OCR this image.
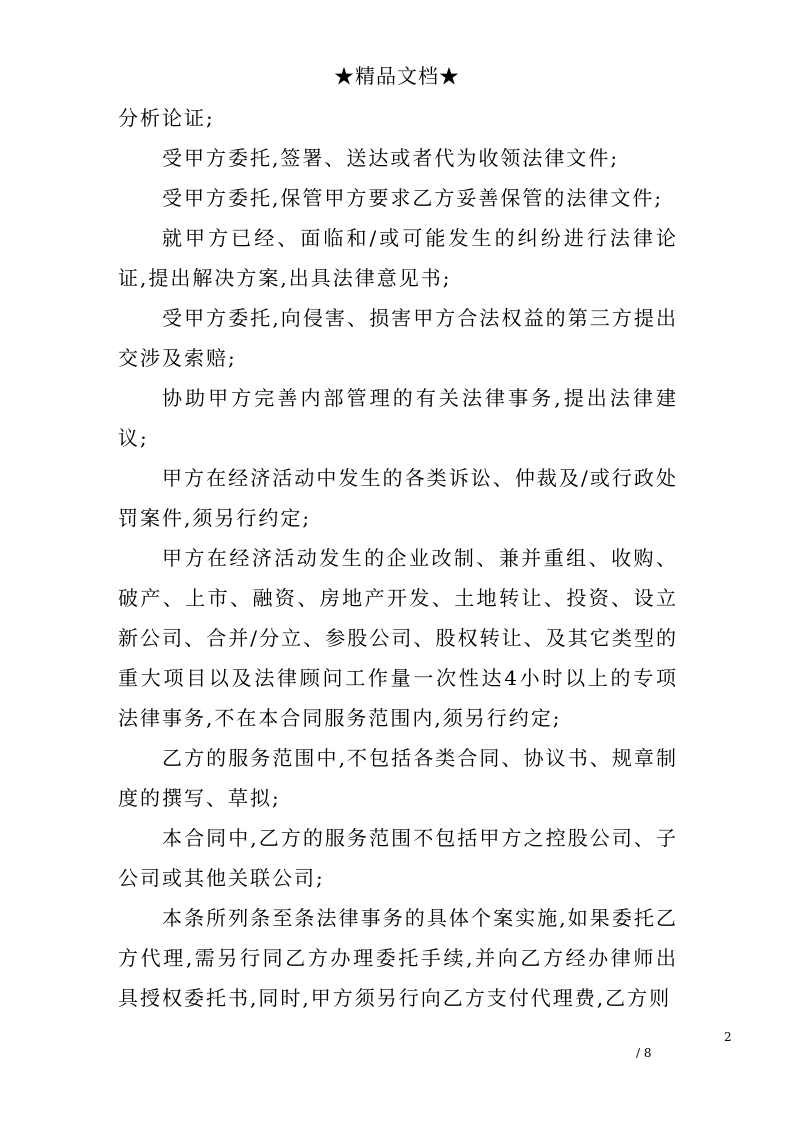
★精品文档★

分析论证;

受甲方委托,签署、送达或者代为收领法律文件;

受甲方委托,保管甲方要求乙方妥善保管的法律文件;

就甲方已经、面临和/或可能发生的纠纷进行法律论证,提出解决方案,出具法律意见书;

受甲方委托,向侵害、损害甲方合法权益的第三方提出交涉及索赔;

协助甲方完善内部管理的有关法律事务,提出法律建议;

甲方在经济活动中发生的各类诉讼、仲裁及/或行政处罚案件,须另行约定;

甲方在经济活动发生的企业改制、兼并重组、收购、破产、上市、融资、房地产开发、土地转让、投资、设立新公司、合并/分立、参股公司、股权转让、及其它类型的重大项目以及法律顾问工作量一次性达4小时以上的专项法律事务,不在本合同服务范围内,须另行约定;

乙方的服务范围中,不包括各类合同、协议书、规章制度的撰写、草拟;

本合同中,乙方的服务范围不包括甲方之控股公司、子公司或其他关联公司;

本条所列条至条法律事务的具体个案实施,如果委托乙方代理,需另行同乙方办理委托手续,并向乙方经办律师出具授权委托书,同时,甲方须另行向乙方支付代理费,乙方则

2
/ 8
